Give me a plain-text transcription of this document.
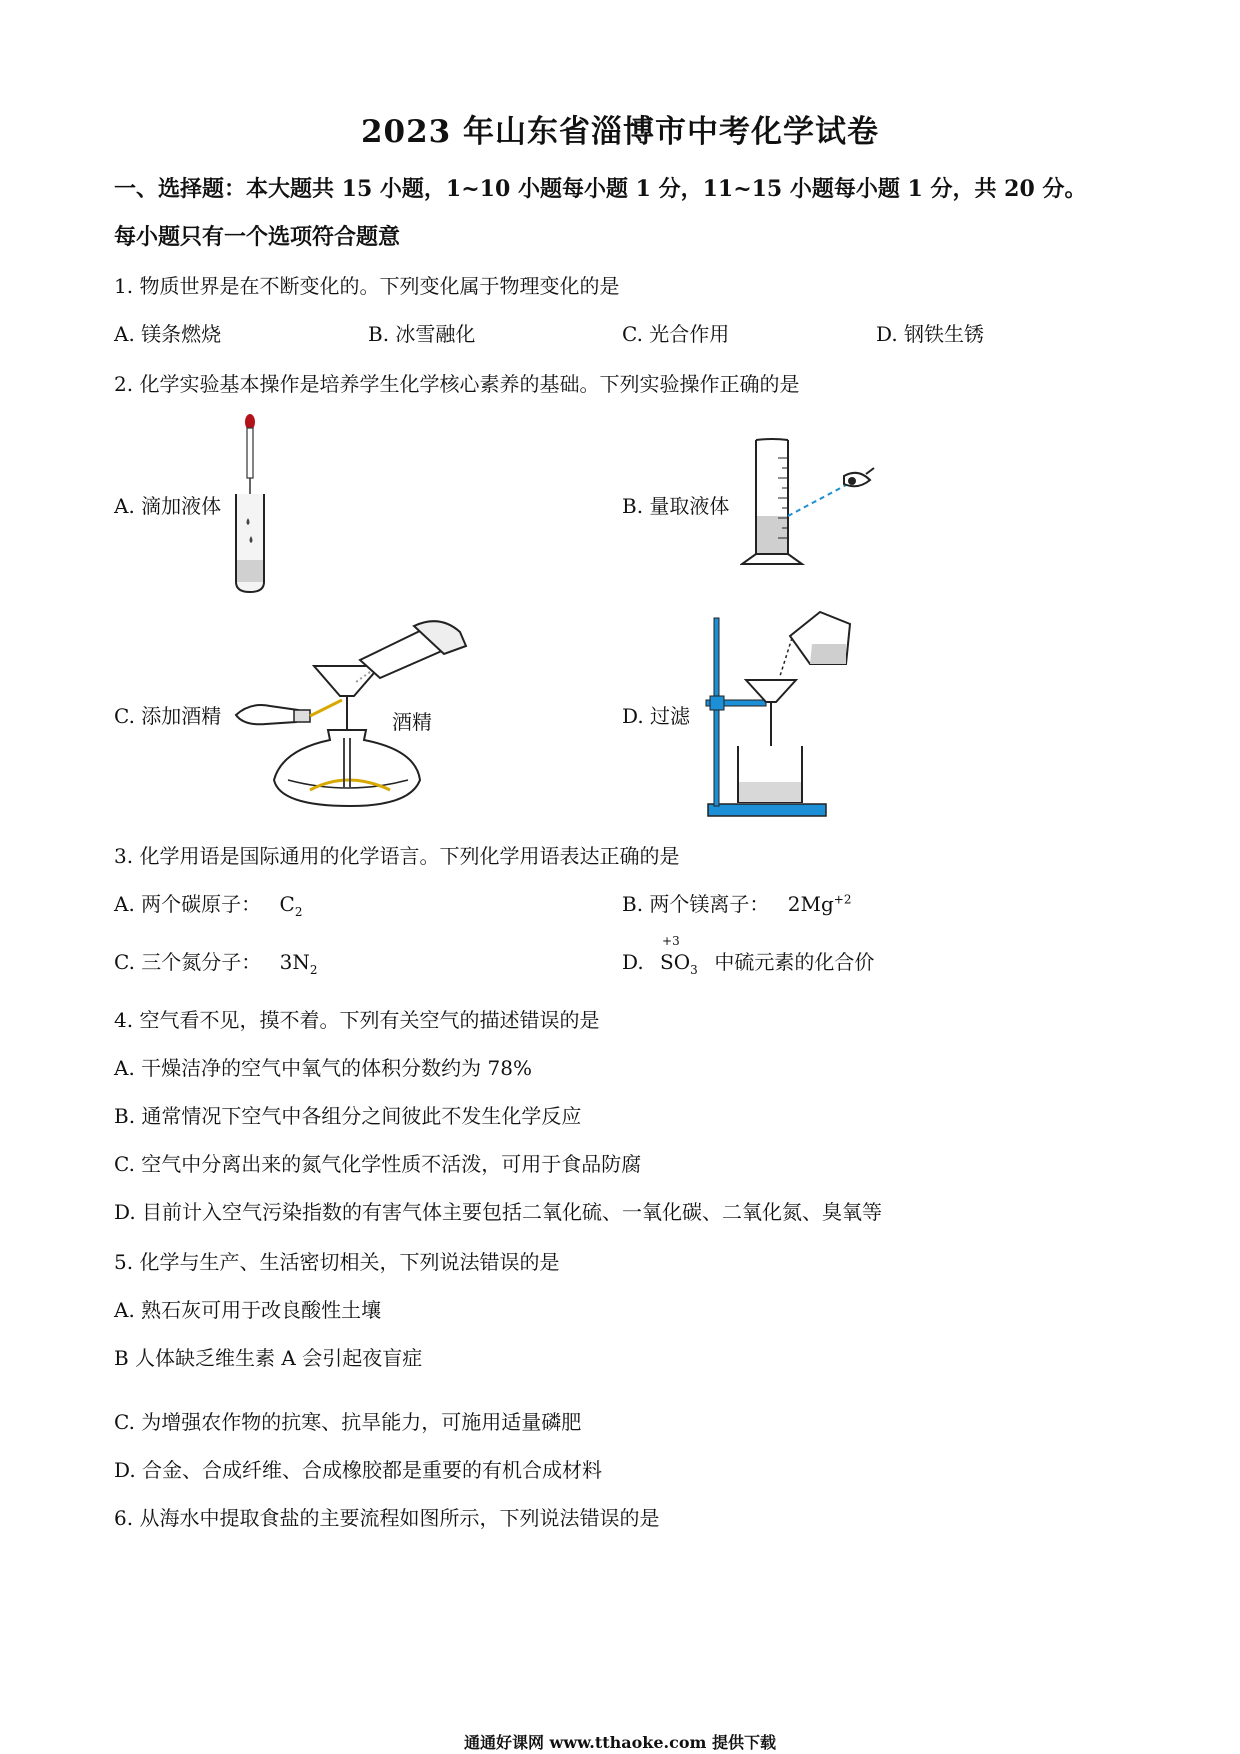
2023 年山东省淄博市中考化学试卷
一、选择题：本大题共 15 小题，1~10 小题每小题 1 分，11~15 小题每小题 1 分，共 20 分。
每小题只有一个选项符合题意
1. 物质世界是在不断变化的。下列变化属于物理变化的是
A. 镁条燃烧	B. 冰雪融化	C. 光合作用	D. 钢铁生锈
2. 化学实验基本操作是培养学生化学核心素养的基础。下列实验操作正确的是
A. 滴加液体	B. 量取液体
C. 添加酒精	酒精	D. 过滤
3. 化学用语是国际通用的化学语言。下列化学用语表达正确的是
A. 两个碳原子： $C_2$	B. 两个镁离子： $2Mg^{+2}$
C. 三个氮分子： $3N_2$	D.
+3
$SO_3$ 中硫元素的化合价
4. 空气看不见，摸不着。下列有关空气的描述错误的是
A. 干燥洁净的空气中氧气的体积分数约为 78%
B. 通常情况下空气中各组分之间彼此不发生化学反应
C. 空气中分离出来的氮气化学性质不活泼，可用于食品防腐
D. 目前计入空气污染指数的有害气体主要包括二氧化硫、一氧化碳、二氧化氮、臭氧等
5. 化学与生产、生活密切相关，下列说法错误的是
A. 熟石灰可用于改良酸性土壤
B 人体缺乏维生素 A 会引起夜盲症
C. 为增强农作物的抗寒、抗旱能力，可施用适量磷肥
D. 合金、合成纤维、合成橡胶都是重要的有机合成材料
6. 从海水中提取食盐的主要流程如图所示，下列说法错误的是
通通好课网 www.tthaoke.com 提供下载
